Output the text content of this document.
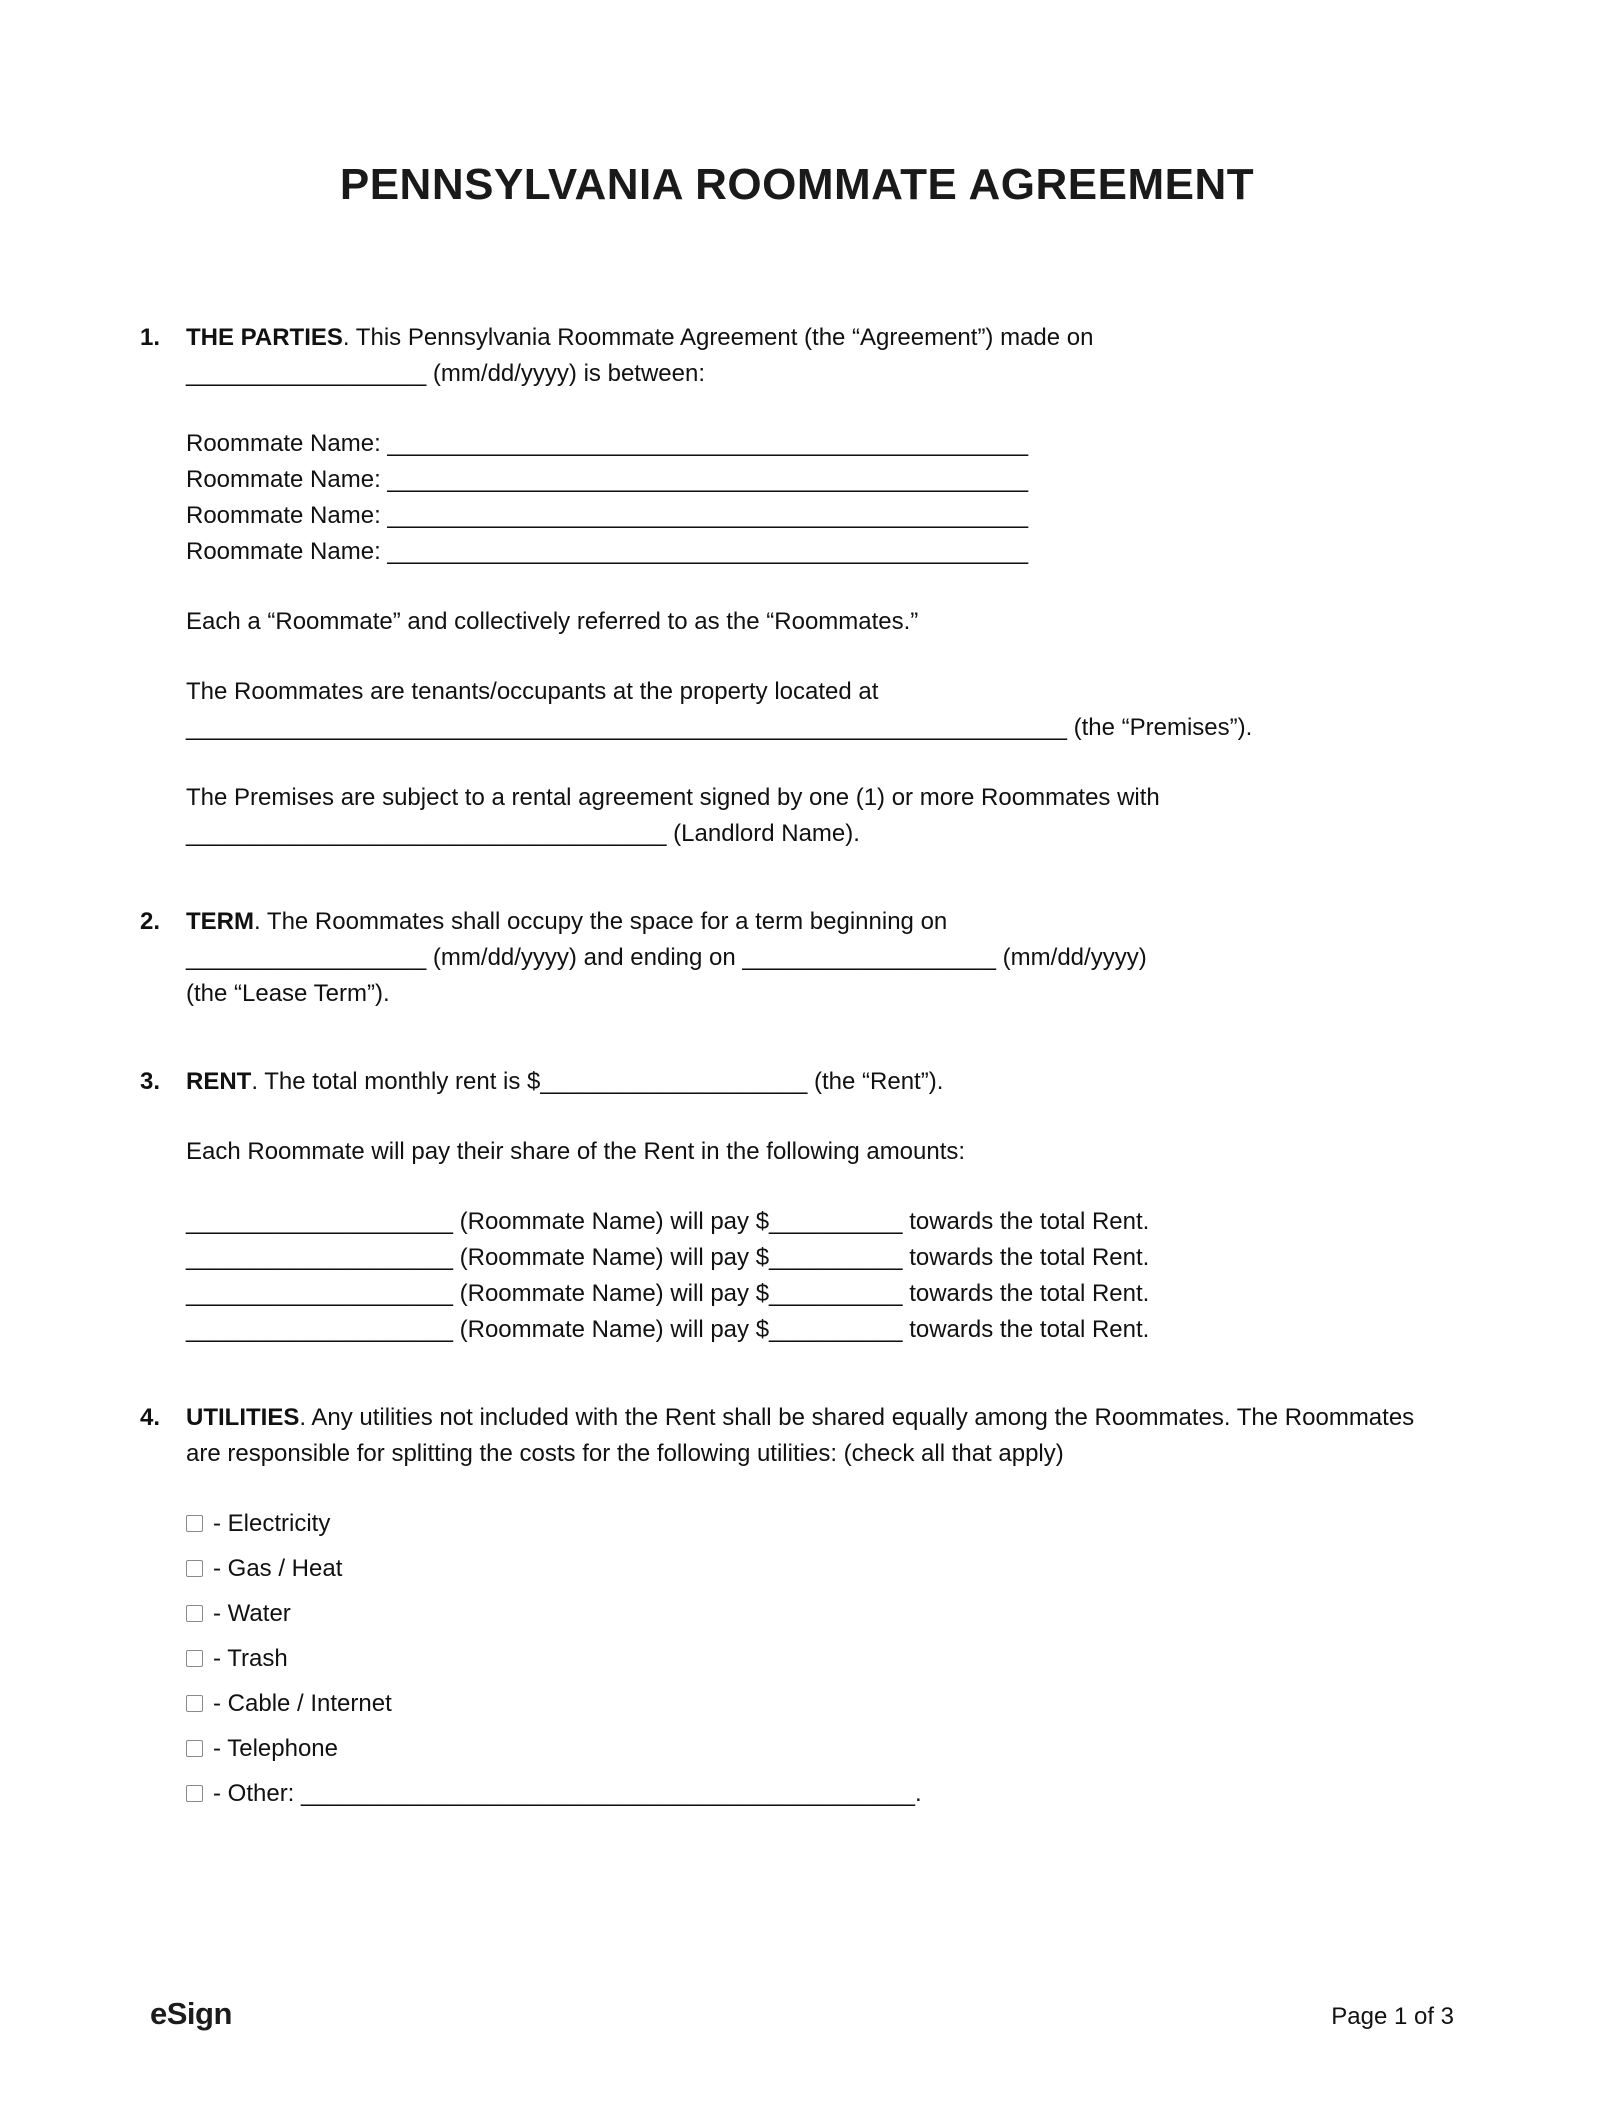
PENNSYLVANIA ROOMMATE AGREEMENT
1.	THE PARTIES. This Pennsylvania Roommate Agreement (the “Agreement”) made on
__________________ (mm/dd/yyyy) is between:

Roommate Name: ________________________________________________

Roommate Name: ________________________________________________

Roommate Name: ________________________________________________

Roommate Name: ________________________________________________

Each a “Roommate” and collectively referred to as the “Roommates.”

The Roommates are tenants/occupants at the property located at
__________________________________________________________________ (the “Premises”).

The Premises are subject to a rental agreement signed by one (1) or more Roommates with
____________________________________ (Landlord Name).

2.	TERM. The Roommates shall occupy the space for a term beginning on
__________________ (mm/dd/yyyy) and ending on ___________________ (mm/dd/yyyy)
(the “Lease Term”).

3.	RENT. The total monthly rent is $____________________ (the “Rent”).

Each Roommate will pay their share of the Rent in the following amounts:

____________________ (Roommate Name) will pay $__________ towards the total Rent.

____________________ (Roommate Name) will pay $__________ towards the total Rent.

____________________ (Roommate Name) will pay $__________ towards the total Rent.

____________________ (Roommate Name) will pay $__________ towards the total Rent.

4.	UTILITIES. Any utilities not included with the Rent shall be shared equally among the Roommates. The Roommates are responsible for splitting the costs for the following utilities: (check all that apply)

- Electricity

- Gas / Heat

- Water

- Trash

- Cable / Internet

- Telephone

- Other: ______________________________________________.

eSign	Page 1 of 3
